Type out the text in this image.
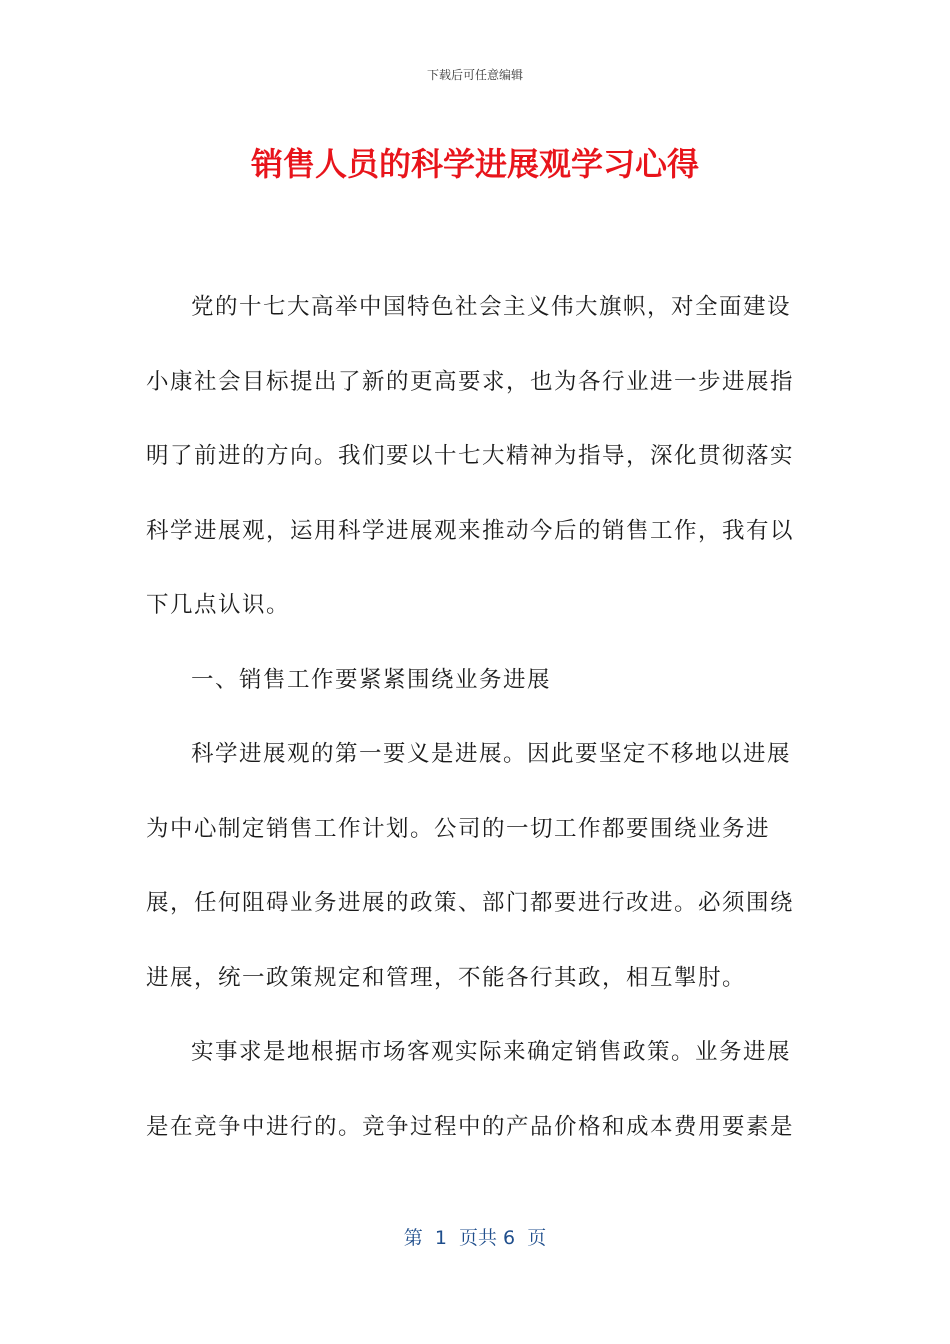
下载后可任意编辑
销售人员的科学进展观学习心得

党的十七大高举中国特色社会主义伟大旗帜，对全面建设小康社会目标提出了新的更高要求，也为各行业进一步进展指明了前进的方向。我们要以十七大精神为指导，深化贯彻落实科学进展观，运用科学进展观来推动今后的销售工作，我有以下几点认识。

一、销售工作要紧紧围绕业务进展

科学进展观的第一要义是进展。因此要坚定不移地以进展为中心制定销售工作计划。公司的一切工作都要围绕业务进展，任何阻碍业务进展的政策、部门都要进行改进。必须围绕进展，统一政策规定和管理，不能各行其政，相互掣肘。

实事求是地根据市场客观实际来确定销售政策。业务进展是在竞争中进行的。竞争过程中的产品价格和成本费用要素是

第  1  页共 6  页
